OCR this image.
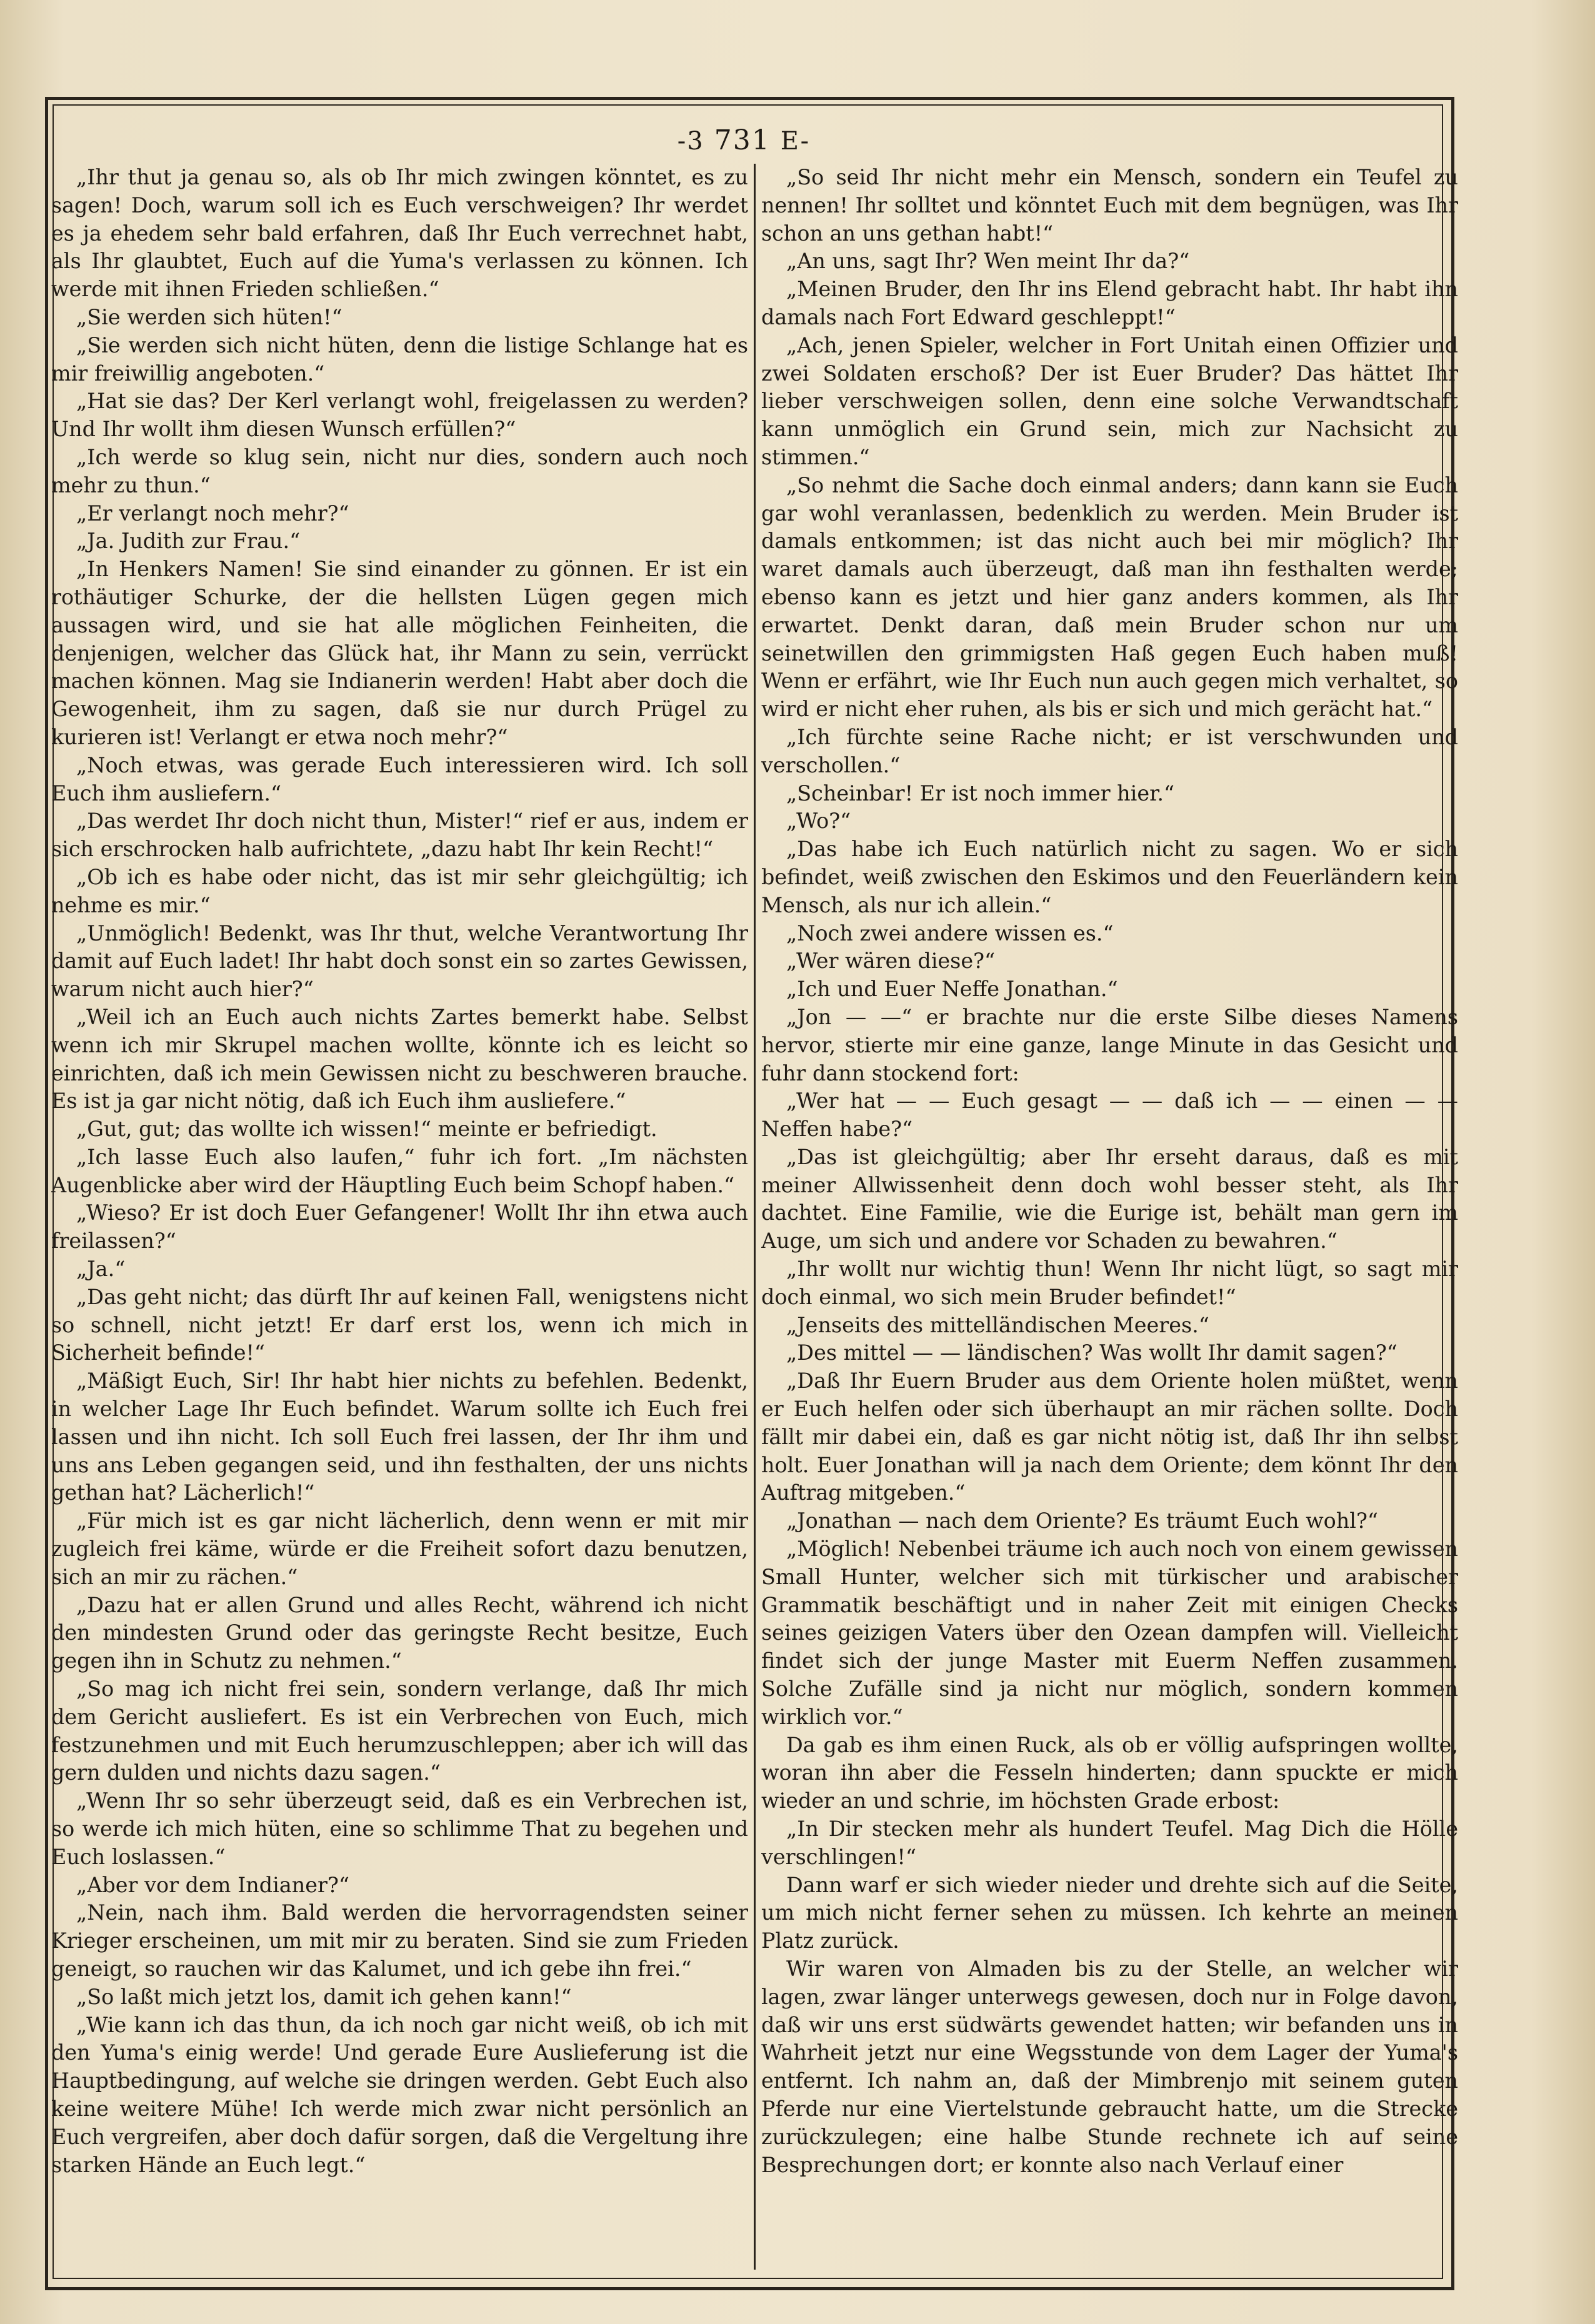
-3 731 E-

„Ihr thut ja genau so, als ob Ihr mich zwingen könntet, es zu sagen! Doch, warum soll ich es Euch verschweigen? Ihr werdet es ja ehedem sehr bald erfahren, daß Ihr Euch verrechnet habt, als Ihr glaubtet, Euch auf die Yuma's verlassen zu können. Ich werde mit ihnen Frieden schließen.“

„Sie werden sich hüten!“

„Sie werden sich nicht hüten, denn die listige Schlange hat es mir freiwillig angeboten.“

„Hat sie das? Der Kerl verlangt wohl, freigelassen zu werden? Und Ihr wollt ihm diesen Wunsch erfüllen?“

„Ich werde so klug sein, nicht nur dies, sondern auch noch mehr zu thun.“

„Er verlangt noch mehr?“

„Ja. Judith zur Frau.“

„In Henkers Namen! Sie sind einander zu gönnen. Er ist ein rothäutiger Schurke, der die hellsten Lügen gegen mich aussagen wird, und sie hat alle möglichen Feinheiten, die denjenigen, welcher das Glück hat, ihr Mann zu sein, verrückt machen können. Mag sie Indianerin werden! Habt aber doch die Gewogenheit, ihm zu sagen, daß sie nur durch Prügel zu kurieren ist! Verlangt er etwa noch mehr?“

„Noch etwas, was gerade Euch interessieren wird. Ich soll Euch ihm ausliefern.“

„Das werdet Ihr doch nicht thun, Mister!“ rief er aus, indem er sich erschrocken halb aufrichtete, „dazu habt Ihr kein Recht!“

„Ob ich es habe oder nicht, das ist mir sehr gleichgültig; ich nehme es mir.“

„Unmöglich! Bedenkt, was Ihr thut, welche Verantwortung Ihr damit auf Euch ladet! Ihr habt doch sonst ein so zartes Gewissen, warum nicht auch hier?“

„Weil ich an Euch auch nichts Zartes bemerkt habe. Selbst wenn ich mir Skrupel machen wollte, könnte ich es leicht so einrichten, daß ich mein Gewissen nicht zu beschweren brauche. Es ist ja gar nicht nötig, daß ich Euch ihm ausliefere.“

„Gut, gut; das wollte ich wissen!“ meinte er befriedigt.

„Ich lasse Euch also laufen,“ fuhr ich fort. „Im nächsten Augenblicke aber wird der Häuptling Euch beim Schopf haben.“

„Wieso? Er ist doch Euer Gefangener! Wollt Ihr ihn etwa auch freilassen?“

„Ja.“

„Das geht nicht; das dürft Ihr auf keinen Fall, wenigstens nicht so schnell, nicht jetzt! Er darf erst los, wenn ich mich in Sicherheit befinde!“

„Mäßigt Euch, Sir! Ihr habt hier nichts zu befehlen. Bedenkt, in welcher Lage Ihr Euch befindet. Warum sollte ich Euch frei lassen und ihn nicht. Ich soll Euch frei lassen, der Ihr ihm und uns ans Leben gegangen seid, und ihn festhalten, der uns nichts gethan hat? Lächerlich!“

„Für mich ist es gar nicht lächerlich, denn wenn er mit mir zugleich frei käme, würde er die Freiheit sofort dazu benutzen, sich an mir zu rächen.“

„Dazu hat er allen Grund und alles Recht, während ich nicht den mindesten Grund oder das geringste Recht besitze, Euch gegen ihn in Schutz zu nehmen.“

„So mag ich nicht frei sein, sondern verlange, daß Ihr mich dem Gericht ausliefert. Es ist ein Verbrechen von Euch, mich festzunehmen und mit Euch herumzuschleppen; aber ich will das gern dulden und nichts dazu sagen.“

„Wenn Ihr so sehr überzeugt seid, daß es ein Verbrechen ist, so werde ich mich hüten, eine so schlimme That zu begehen und Euch loslassen.“

„Aber vor dem Indianer?“

„Nein, nach ihm. Bald werden die hervorragendsten seiner Krieger erscheinen, um mit mir zu beraten. Sind sie zum Frieden geneigt, so rauchen wir das Kalumet, und ich gebe ihn frei.“

„So laßt mich jetzt los, damit ich gehen kann!“

„Wie kann ich das thun, da ich noch gar nicht weiß, ob ich mit den Yuma's einig werde! Und gerade Eure Auslieferung ist die Hauptbedingung, auf welche sie dringen werden. Gebt Euch also keine weitere Mühe! Ich werde mich zwar nicht persönlich an Euch vergreifen, aber doch dafür sorgen, daß die Vergeltung ihre starken Hände an Euch legt.“

„So seid Ihr nicht mehr ein Mensch, sondern ein Teufel zu nennen! Ihr solltet und könntet Euch mit dem begnügen, was Ihr schon an uns gethan habt!“

„An uns, sagt Ihr? Wen meint Ihr da?“

„Meinen Bruder, den Ihr ins Elend gebracht habt. Ihr habt ihn damals nach Fort Edward geschleppt!“

„Ach, jenen Spieler, welcher in Fort Unitah einen Offizier und zwei Soldaten erschoß? Der ist Euer Bruder? Das hättet Ihr lieber verschweigen sollen, denn eine solche Verwandtschaft kann unmöglich ein Grund sein, mich zur Nachsicht zu stimmen.“

„So nehmt die Sache doch einmal anders; dann kann sie Euch gar wohl veranlassen, bedenklich zu werden. Mein Bruder ist damals entkommen; ist das nicht auch bei mir möglich? Ihr waret damals auch überzeugt, daß man ihn festhalten werde; ebenso kann es jetzt und hier ganz anders kommen, als Ihr erwartet. Denkt daran, daß mein Bruder schon nur um seinetwillen den grimmigsten Haß gegen Euch haben muß! Wenn er erfährt, wie Ihr Euch nun auch gegen mich verhaltet, so wird er nicht eher ruhen, als bis er sich und mich gerächt hat.“

„Ich fürchte seine Rache nicht; er ist verschwunden und verschollen.“

„Scheinbar! Er ist noch immer hier.“

„Wo?“

„Das habe ich Euch natürlich nicht zu sagen. Wo er sich befindet, weiß zwischen den Eskimos und den Feuerländern kein Mensch, als nur ich allein.“

„Noch zwei andere wissen es.“

„Wer wären diese?“

„Ich und Euer Neffe Jonathan.“

„Jon — —“ er brachte nur die erste Silbe dieses Namens hervor, stierte mir eine ganze, lange Minute in das Gesicht und fuhr dann stockend fort:

„Wer hat — — Euch gesagt — — daß ich — — einen — — Neffen habe?“

„Das ist gleichgültig; aber Ihr erseht daraus, daß es mit meiner Allwissenheit denn doch wohl besser steht, als Ihr dachtet. Eine Familie, wie die Eurige ist, behält man gern im Auge, um sich und andere vor Schaden zu bewahren.“

„Ihr wollt nur wichtig thun! Wenn Ihr nicht lügt, so sagt mir doch einmal, wo sich mein Bruder befindet!“

„Jenseits des mittelländischen Meeres.“

„Des mittel — — ländischen? Was wollt Ihr damit sagen?“

„Daß Ihr Euern Bruder aus dem Oriente holen müßtet, wenn er Euch helfen oder sich überhaupt an mir rächen sollte. Doch fällt mir dabei ein, daß es gar nicht nötig ist, daß Ihr ihn selbst holt. Euer Jonathan will ja nach dem Oriente; dem könnt Ihr den Auftrag mitgeben.“

„Jonathan — nach dem Oriente? Es träumt Euch wohl?“

„Möglich! Nebenbei träume ich auch noch von einem gewissen Small Hunter, welcher sich mit türkischer und arabischer Grammatik beschäftigt und in naher Zeit mit einigen Checks seines geizigen Vaters über den Ozean dampfen will. Vielleicht findet sich der junge Master mit Euerm Neffen zusammen. Solche Zufälle sind ja nicht nur möglich, sondern kommen wirklich vor.“

Da gab es ihm einen Ruck, als ob er völlig aufspringen wollte, woran ihn aber die Fesseln hinderten; dann spuckte er mich wieder an und schrie, im höchsten Grade erbost:

„In Dir stecken mehr als hundert Teufel. Mag Dich die Hölle verschlingen!“

Dann warf er sich wieder nieder und drehte sich auf die Seite, um mich nicht ferner sehen zu müssen. Ich kehrte an meinen Platz zurück.

Wir waren von Almaden bis zu der Stelle, an welcher wir lagen, zwar länger unterwegs gewesen, doch nur in Folge davon, daß wir uns erst südwärts gewendet hatten; wir befanden uns in Wahrheit jetzt nur eine Wegsstunde von dem Lager der Yuma's entfernt. Ich nahm an, daß der Mimbrenjo mit seinem guten Pferde nur eine Viertelstunde gebraucht hatte, um die Strecke zurückzulegen; eine halbe Stunde rechnete ich auf seine Besprechungen dort; er konnte also nach Verlauf einer
